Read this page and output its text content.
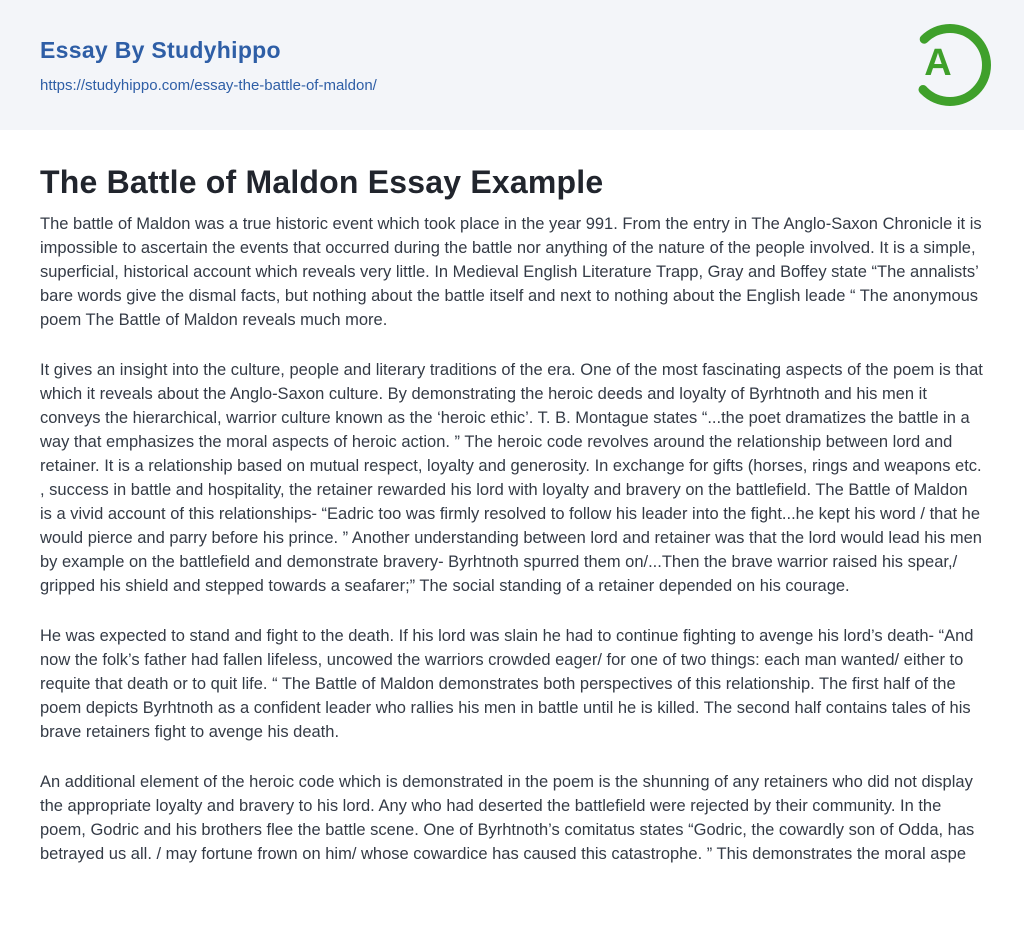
Essay By Studyhippo
https://studyhippo.com/essay-the-battle-of-maldon/
A
The Battle of Maldon Essay Example

The battle of Maldon was a true historic event which took place in the year 991. From the entry in The Anglo-Saxon Chronicle it is impossible to ascertain the events that occurred during the battle nor anything of the nature of the people involved. It is a simple, superficial, historical account which reveals very little. In Medieval English Literature Trapp, Gray and Boffey state “The annalists’ bare words give the dismal facts, but nothing about the battle itself and next to nothing about the English leade “ The anonymous poem The Battle of Maldon reveals much more.

It gives an insight into the culture, people and literary traditions of the era. One of the most fascinating aspects of the poem is that which it reveals about the Anglo-Saxon culture. By demonstrating the heroic deeds and loyalty of Byrhtnoth and his men it conveys the hierarchical, warrior culture known as the ‘heroic ethic’. T. B. Montague states “...the poet dramatizes the battle in a way that emphasizes the moral aspects of heroic action. ” The heroic code revolves around the relationship between lord and retainer. It is a relationship based on mutual respect, loyalty and generosity. In exchange for gifts (horses, rings and weapons etc. , success in battle and hospitality, the retainer rewarded his lord with loyalty and bravery on the battlefield. The Battle of Maldon is a vivid account of this relationships- “Eadric too was firmly resolved to follow his leader into the fight...he kept his word / that he would pierce and parry before his prince. ” Another understanding between lord and retainer was that the lord would lead his men by example on the battlefield and demonstrate bravery- Byrhtnoth spurred them on/...Then the brave warrior raised his spear,/ gripped his shield and stepped towards a seafarer;” The social standing of a retainer depended on his courage.

He was expected to stand and fight to the death. If his lord was slain he had to continue fighting to avenge his lord’s death- “And now the folk’s father had fallen lifeless, uncowed the warriors crowded eager/ for one of two things: each man wanted/ either to requite that death or to quit life. “ The Battle of Maldon demonstrates both perspectives of this relationship. The first half of the poem depicts Byrhtnoth as a confident leader who rallies his men in battle until he is killed. The second half contains tales of his brave retainers fight to avenge his death.

An additional element of the heroic code which is demonstrated in the poem is the shunning of any retainers who did not display the appropriate loyalty and bravery to his lord. Any who had deserted the battlefield were rejected by their community. In the poem, Godric and his brothers flee the battle scene. One of Byrhtnoth’s comitatus states “Godric, the cowardly son of Odda, has betrayed us all. / may fortune frown on him/ whose cowardice has caused this catastrophe. ” This demonstrates the moral aspe
